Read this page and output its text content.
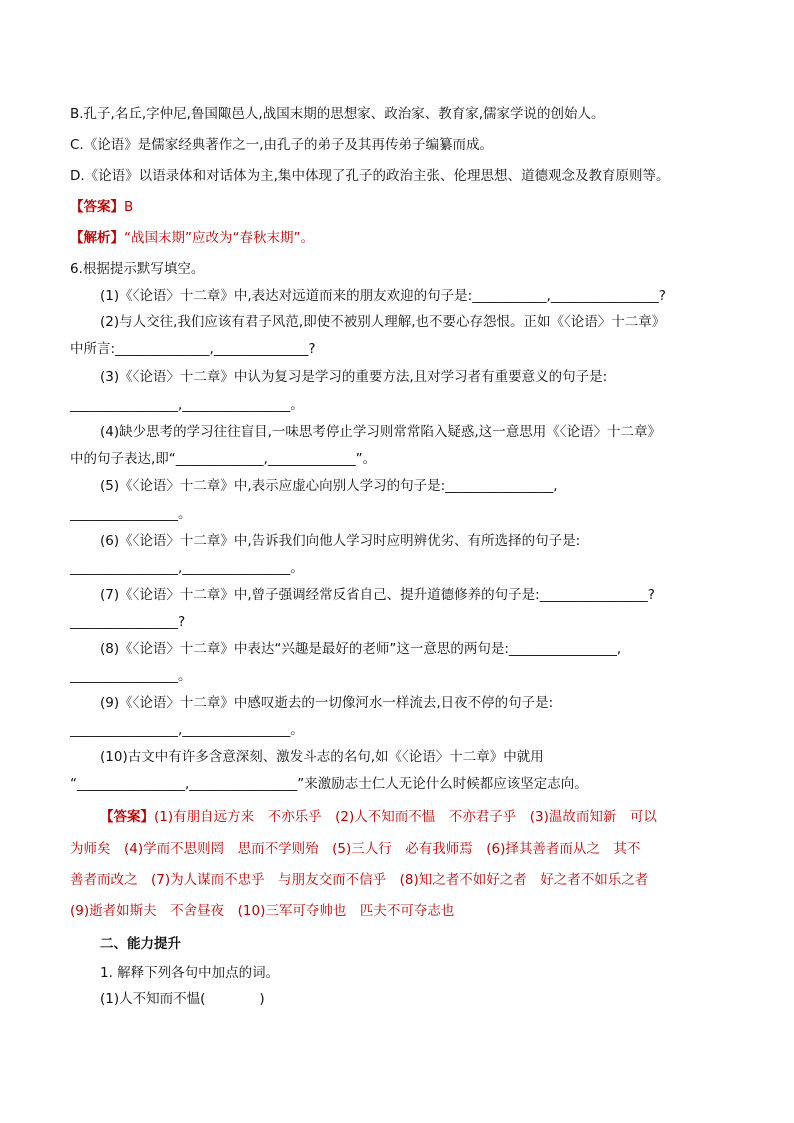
B.孔子,名丘,字仲尼,鲁国陬邑人,战国末期的思想家、政治家、教育家,儒家学说的创始人。
C.《论语》是儒家经典著作之一,由孔子的弟子及其再传弟子编纂而成。
D.《论语》以语录体和对话体为主,集中体现了孔子的政治主张、伦理思想、道德观念及教育原则等。
【答案】B
【解析】“战国末期”应改为“春秋末期”。
6.根据提示默写填空。
(1)《〈论语〉十二章》中,表达对远道而来的朋友欢迎的句子是:___________,________________?
(2)与人交往,我们应该有君子风范,即使不被别人理解,也不要心存怨恨。正如《〈论语〉十二章》
中所言:______________,______________?
(3)《〈论语〉十二章》中认为复习是学习的重要方法,且对学习者有重要意义的句子是:
________________,________________。
(4)缺少思考的学习往往盲目,一味思考停止学习则常常陷入疑惑,这一意思用《〈论语〉十二章》
中的句子表达,即“_____________,_____________”。
(5)《〈论语〉十二章》中,表示应虚心向别人学习的句子是:________________,
________________。
(6)《〈论语〉十二章》中,告诉我们向他人学习时应明辨优劣、有所选择的句子是:
________________,________________。
(7)《〈论语〉十二章》中,曾子强调经常反省自己、提升道德修养的句子是:________________?
________________?
(8)《〈论语〉十二章》中表达“兴趣是最好的老师”这一意思的两句是:________________,
________________。
(9)《〈论语〉十二章》中感叹逝去的一切像河水一样流去,日夜不停的句子是:
________________,________________。
(10)古文中有许多含意深刻、激发斗志的名句,如《〈论语〉十二章》中就用
“________________,________________”来激励志士仁人无论什么时候都应该坚定志向。
【答案】(1)有朋自远方来　不亦乐乎　(2)人不知而不愠　不亦君子乎　(3)温故而知新　可以
为师矣　(4)学而不思则罔　思而不学则殆　(5)三人行　必有我师焉　(6)择其善者而从之　其不
善者而改之　(7)为人谋而不忠乎　与朋友交而不信乎　(8)知之者不如好之者　好之者不如乐之者
(9)逝者如斯夫　不舍昼夜　(10)三军可夺帅也　匹夫不可夺志也
二、能力提升
1. 解释下列各句中加点的词。
(1)人不知而不愠(　　　　)
